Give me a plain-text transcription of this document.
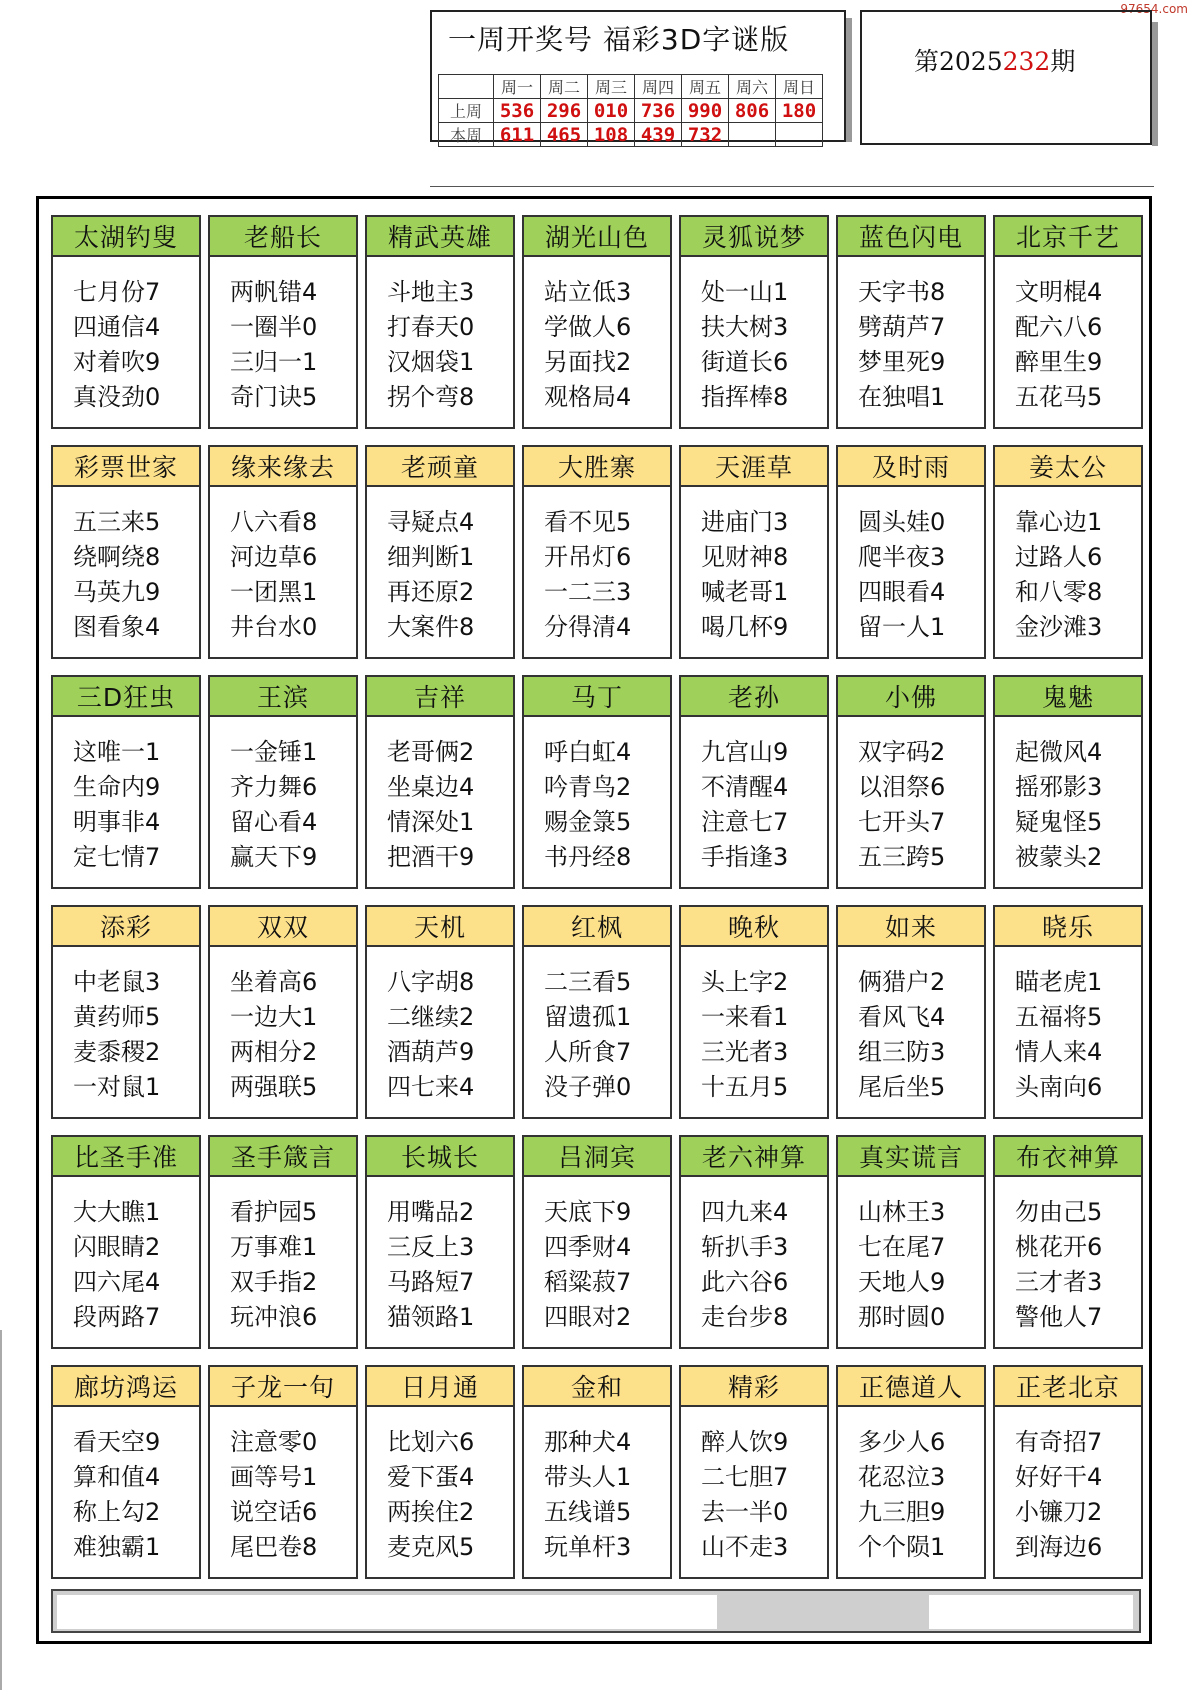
97654.com
一周开奖号 福彩3D字谜版
	周一	周二	周三	周四	周五	周六	周日
上周	536	296	010	736	990	806	180
本周	611	465	108	439	732		
第2025232期
太湖钓叟
七月份7
四通信4
对着吹9
真没劲0
老船长
两帆错4
一圈半0
三归一1
奇门诀5
精武英雄
斗地主3
打春天0
汉烟袋1
拐个弯8
湖光山色
站立低3
学做人6
另面找2
观格局4
灵狐说梦
处一山1
扶大树3
街道长6
指挥棒8
蓝色闪电
天字书8
劈葫芦7
梦里死9
在独唱1
北京千艺
文明棍4
配六八6
醉里生9
五花马5
彩票世家
五三来5
绕啊绕8
马英九9
图看象4
缘来缘去
八六看8
河边草6
一团黑1
井台水0
老顽童
寻疑点4
细判断1
再还原2
大案件8
大胜寨
看不见5
开吊灯6
一二三3
分得清4
天涯草
进庙门3
见财神8
喊老哥1
喝几杯9
及时雨
圆头娃0
爬半夜3
四眼看4
留一人1
姜太公
靠心边1
过路人6
和八零8
金沙滩3
三D狂虫
这唯一1
生命内9
明事非4
定七情7
王滨
一金锤1
齐力舞6
留心看4
赢天下9
吉祥
老哥俩2
坐桌边4
情深处1
把酒干9
马丁
呼白虹4
吟青鸟2
赐金箓5
书丹经8
老孙
九宫山9
不清醒4
注意七7
手指逢3
小佛
双字码2
以泪祭6
七开头7
五三跨5
鬼魅
起微风4
摇邪影3
疑鬼怪5
被蒙头2
添彩
中老鼠3
黄药师5
麦黍稷2
一对鼠1
双双
坐着高6
一边大1
两相分2
两强联5
天机
八字胡8
二继续2
酒葫芦9
四七来4
红枫
二三看5
留遗孤1
人所食7
没子弹0
晚秋
头上字2
一来看1
三光者3
十五月5
如来
俩猎户2
看风飞4
组三防3
尾后坐5
晓乐
瞄老虎1
五福将5
情人来4
头南向6
比圣手准
大大瞧1
闪眼睛2
四六尾4
段两路7
圣手箴言
看护园5
万事难1
双手指2
玩冲浪6
长城长
用嘴品2
三反上3
马路短7
猫领路1
吕洞宾
天底下9
四季财4
稻粱菽7
四眼对2
老六神算
四九来4
斩扒手3
此六谷6
走台步8
真实谎言
山林王3
七在尾7
天地人9
那时圆0
布衣神算
勿由己5
桃花开6
三才者3
警他人7
廊坊鸿运
看天空9
算和值4
称上勾2
难独霸1
子龙一句
注意零0
画等号1
说空话6
尾巴卷8
日月通
比划六6
爱下蛋4
两挨住2
麦克风5
金和
那种犬4
带头人1
五线谱5
玩单杆3
精彩
醉人饮9
二七胆7
去一半0
山不走3
正德道人
多少人6
花忍泣3
九三胆9
个个陨1
正老北京
有奇招7
好好干4
小镰刀2
到海边6
